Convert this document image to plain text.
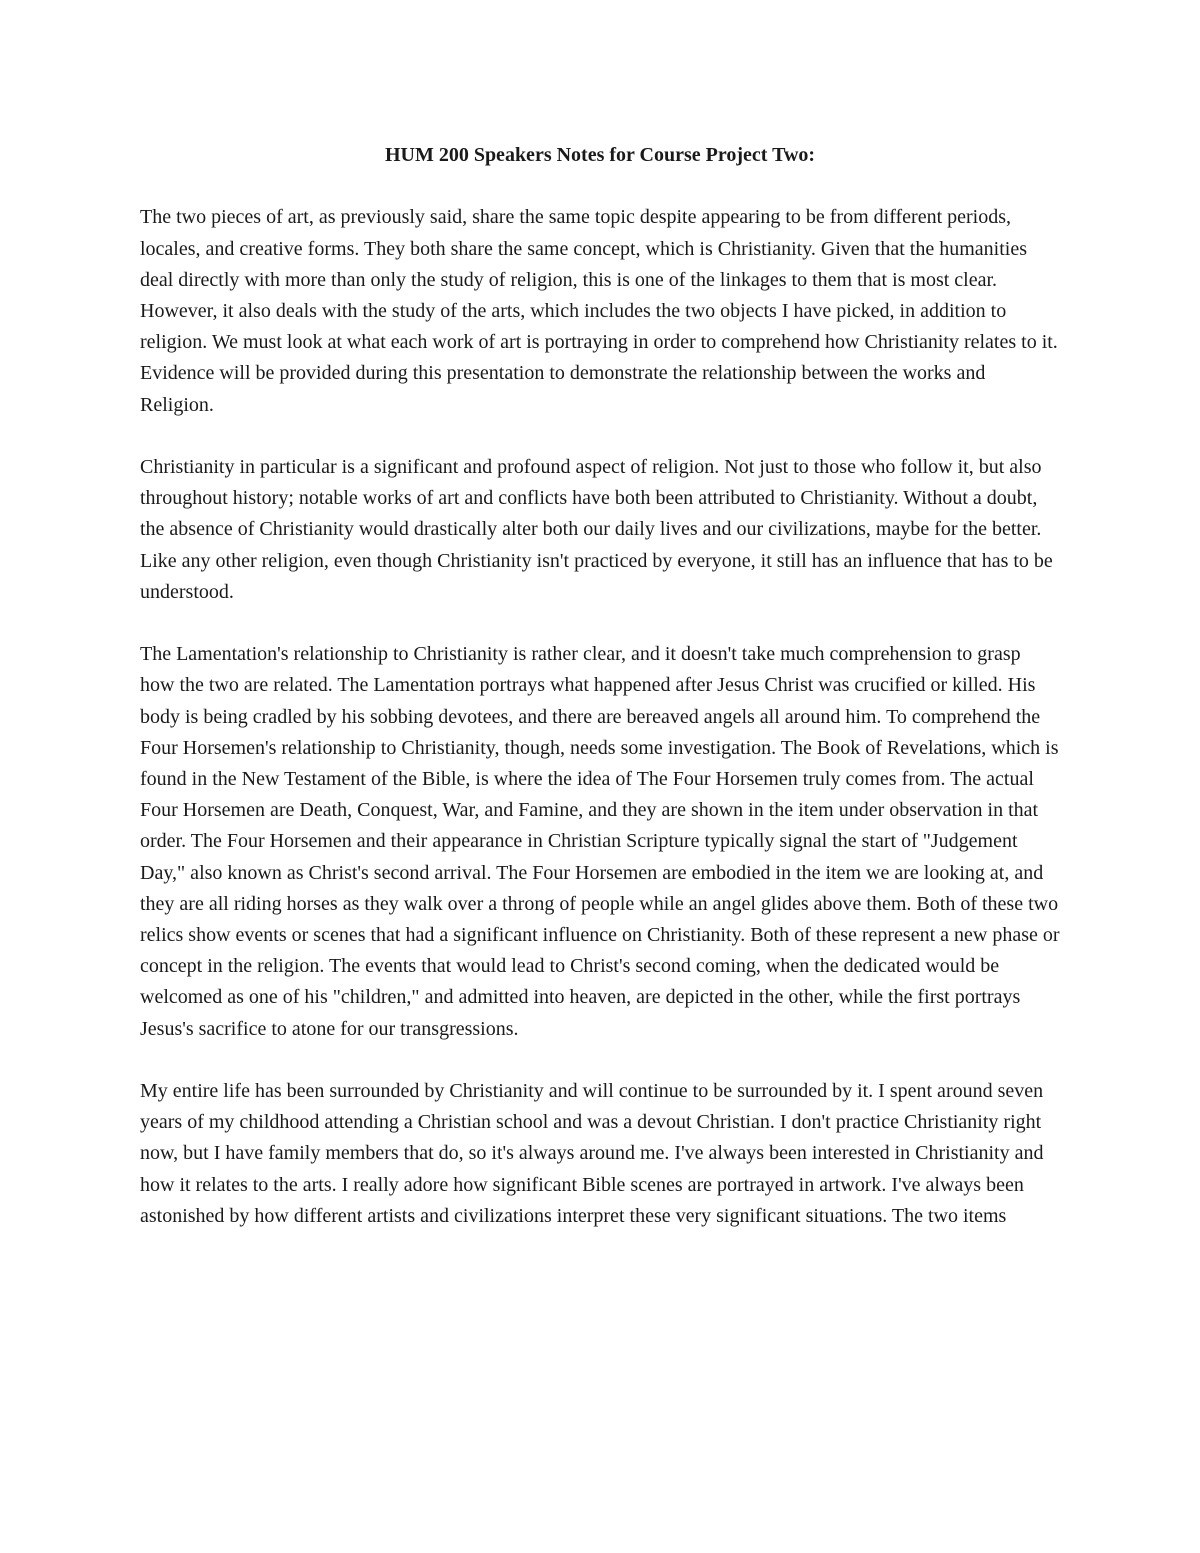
HUM 200 Speakers Notes for Course Project Two:

The two pieces of art, as previously said, share the same topic despite appearing to be from different periods, locales, and creative forms. They both share the same concept, which is Christianity. Given that the humanities deal directly with more than only the study of religion, this is one of the linkages to them that is most clear. However, it also deals with the study of the arts, which includes the two objects I have picked, in addition to religion. We must look at what each work of art is portraying in order to comprehend how Christianity relates to it. Evidence will be provided during this presentation to demonstrate the relationship between the works and Religion.

Christianity in particular is a significant and profound aspect of religion. Not just to those who follow it, but also throughout history; notable works of art and conflicts have both been attributed to Christianity. Without a doubt, the absence of Christianity would drastically alter both our daily lives and our civilizations, maybe for the better. Like any other religion, even though Christianity isn't practiced by everyone, it still has an influence that has to be understood.

The Lamentation's relationship to Christianity is rather clear, and it doesn't take much comprehension to grasp how the two are related. The Lamentation portrays what happened after Jesus Christ was crucified or killed. His body is being cradled by his sobbing devotees, and there are bereaved angels all around him. To comprehend the Four Horsemen's relationship to Christianity, though, needs some investigation. The Book of Revelations, which is found in the New Testament of the Bible, is where the idea of The Four Horsemen truly comes from. The actual Four Horsemen are Death, Conquest, War, and Famine, and they are shown in the item under observation in that order. The Four Horsemen and their appearance in Christian Scripture typically signal the start of "Judgement Day," also known as Christ's second arrival. The Four Horsemen are embodied in the item we are looking at, and they are all riding horses as they walk over a throng of people while an angel glides above them. Both of these two relics show events or scenes that had a significant influence on Christianity. Both of these represent a new phase or concept in the religion. The events that would lead to Christ's second coming, when the dedicated would be welcomed as one of his "children," and admitted into heaven, are depicted in the other, while the first portrays Jesus's sacrifice to atone for our transgressions.

My entire life has been surrounded by Christianity and will continue to be surrounded by it. I spent around seven years of my childhood attending a Christian school and was a devout Christian. I don't practice Christianity right now, but I have family members that do, so it's always around me. I've always been interested in Christianity and how it relates to the arts. I really adore how significant Bible scenes are portrayed in artwork. I've always been astonished by how different artists and civilizations interpret these very significant situations. The two items
